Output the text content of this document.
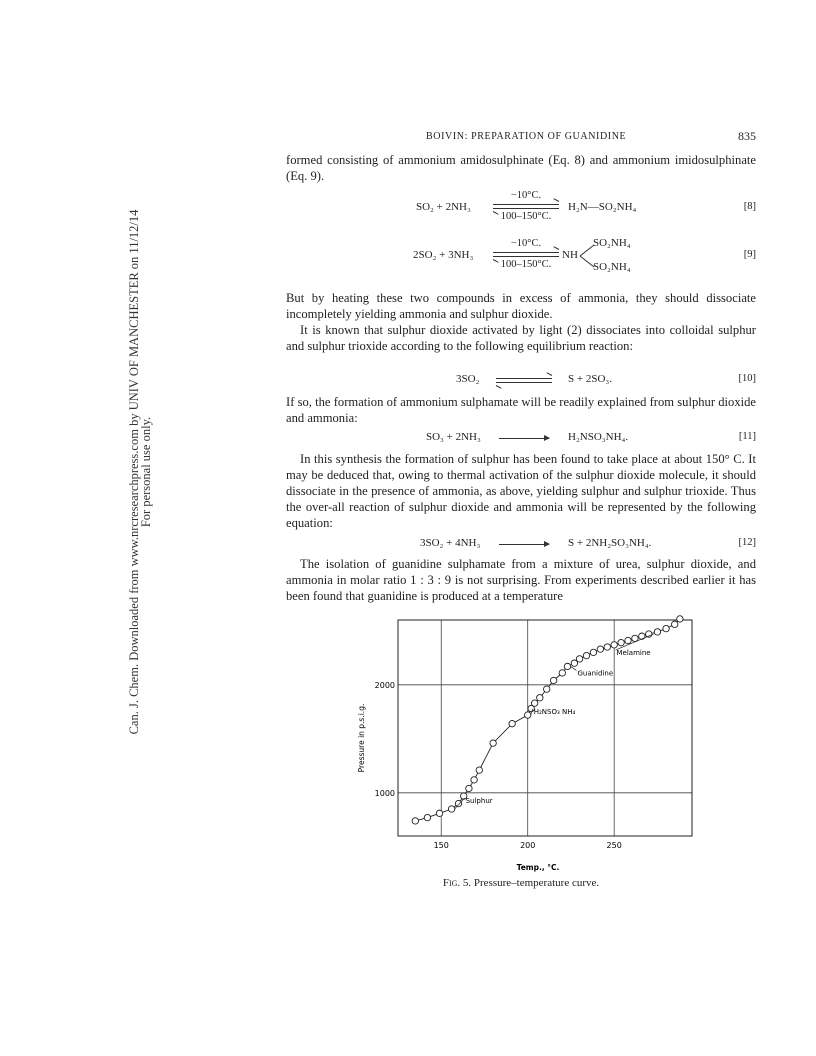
Can. J. Chem. Downloaded from www.nrcresearchpress.com by UNIV OF MANCHESTER on 11/12/14
For personal use only.
BOIVIN: PREPARATION OF GUANIDINE	835
formed consisting of ammonium amidosulphinate (Eq. 8) and ammonium imidosulphinate (Eq. 9).
SO₂ + 2NH₃
−10°C.
100–150°C.
H₂N—SO₂NH₄	[8]
2SO₂ + 3NH₃
−10°C.
100–150°C.
NH
SO₂NH₄
SO₂NH₄
[9]
But by heating these two compounds in excess of ammonia, they should dissociate incompletely yielding ammonia and sulphur dioxide.
It is known that sulphur dioxide activated by light (2) dissociates into colloidal sulphur and sulphur trioxide according to the following equilibrium reaction:
3SO₂	S + 2SO₃.	[10]
If so, the formation of ammonium sulphamate will be readily explained from sulphur dioxide and ammonia:
SO₃ + 2NH₃	H₂NSO₃NH₄.	[11]
In this synthesis the formation of sulphur has been found to take place at about 150° C. It may be deduced that, owing to thermal activation of the sulphur dioxide molecule, it should dissociate in the presence of ammonia, as above, yielding sulphur and sulphur trioxide. Thus the over-all reaction of sulphur dioxide and ammonia will be represented by the following equation:
3SO₂ + 4NH₃	S + 2NH₂SO₃NH₄.	[12]
The isolation of guanidine sulphamate from a mixture of urea, sulphur dioxide, and ammonia in molar ratio 1 : 3 : 9 is not surprising. From experiments described earlier it has been found that guanidine is produced at a temperature
150	200	250
1000
2000
Sulphur
H₂NSO₃ NH₄
Guanidine
Melamine
Pressure in p.s.i.g.
Temp., °C.
Fig. 5. Pressure–temperature curve.
